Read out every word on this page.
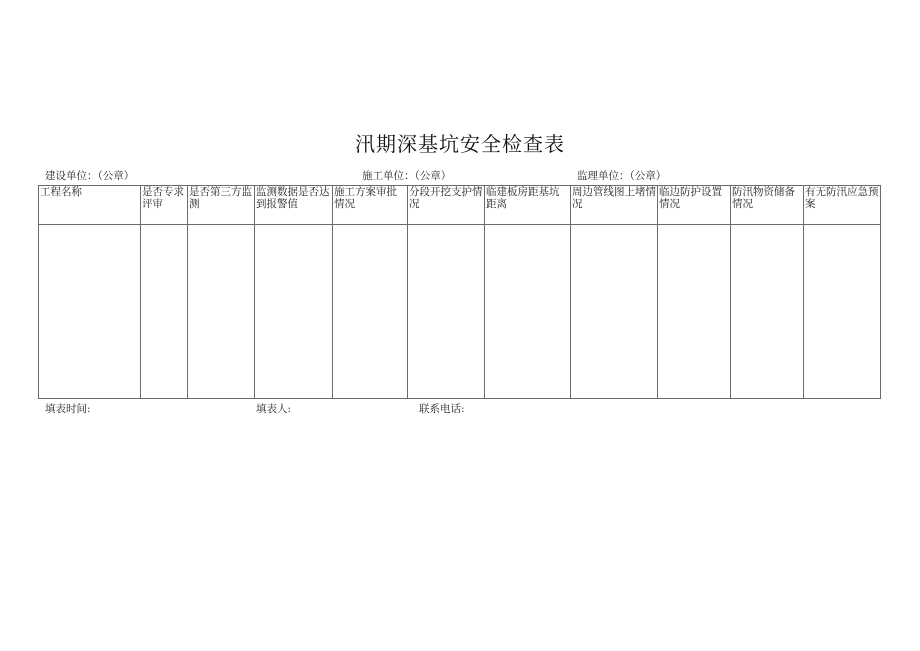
汛期深基坑安全检查表
建设单位：（公章）	施工单位：（公章）	监理单位：（公章）
工程名称	是否专求评审	是否第三方监测	监测数据是否达到报警值	施工方案审批情况	分段开挖支护情况	临建板房距基坑距离	周边管线图上堵情况	临边防护设置情况	防汛物资储备情况	有无防汛应急预案

填表时间:	填表人:	联系电话:
